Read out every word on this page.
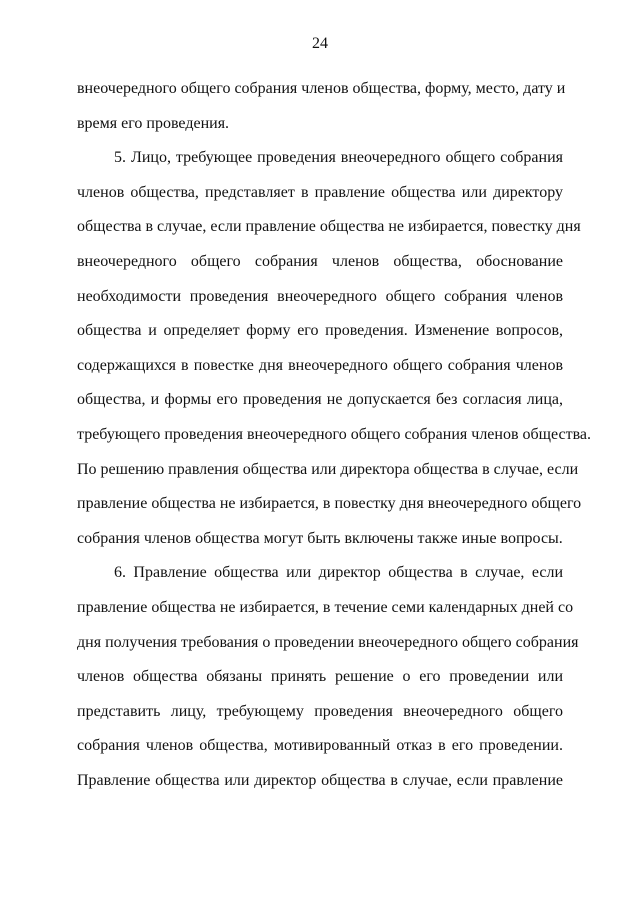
24
внеочередного общего собрания членов общества, форму, место, дату и
время его проведения.
5. Лицо, требующее проведения внеочередного общего собрания
членов общества, представляет в правление общества или директору
общества в случае, если правление общества не избирается, повестку дня
внеочередного общего собрания членов общества, обоснование
необходимости проведения внеочередного общего собрания членов
общества и определяет форму его проведения. Изменение вопросов,
содержащихся в повестке дня внеочередного общего собрания членов
общества, и формы его проведения не допускается без согласия лица,
требующего проведения внеочередного общего собрания членов общества.
По решению правления общества или директора общества в случае, если
правление общества не избирается, в повестку дня внеочередного общего
собрания членов общества могут быть включены также иные вопросы.
6. Правление общества или директор общества в случае, если
правление общества не избирается, в течение семи календарных дней со
дня получения требования о проведении внеочередного общего собрания
членов общества обязаны принять решение о его проведении или
представить лицу, требующему проведения внеочередного общего
собрания членов общества, мотивированный отказ в его проведении.
Правление общества или директор общества в случае, если правление
